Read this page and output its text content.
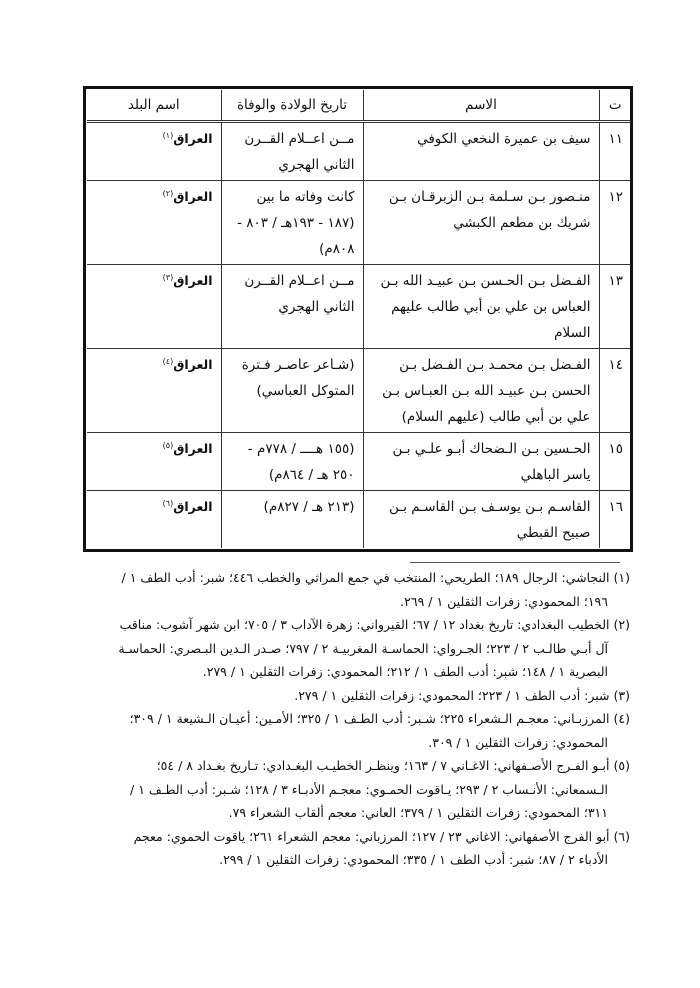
ت	الاسم	تاريخ الولادة والوفاة	اسم البلد
١١	سيف بن عميرة النخعي الكوفي	مــن اعــلام القــرن الثاني الهجري	العراق$^{(١)}$
١٢	منـصور بـن سـلمة بـن الزبرقـان بـن شريك بن مطعم الكبشي	كانت وفاته ما بين (١٨٧ - ١٩٣هـ / ٨٠٣ - ٨٠٨م)	العراق$^{(٢)}$
١٣	الفـضل بـن الحـسن بـن عبيـد الله بـن العباس بن علي بن أبي طالب عليهم السلام	مــن اعــلام القــرن الثاني الهجري	العراق$^{(٣)}$
١٤	الفـضل بـن محمـد بـن الفـضل بـن الحسن بـن عبيـد الله بـن العبـاس بـن علي بن أبي طالب (عليهم السلام)	(شـاعر عاصـر فـترة المتوكل العباسي)	العراق$^{(٤)}$
١٥	الحـسين بـن الـضحاك أبـو علـي بـن ياسر الباهلي	(١٥٥ هــــ / ٧٧٨م - ٢٥٠ هـ / ٨٦٤م)	العراق$^{(٥)}$
١٦	القاسـم بـن يوسـف بـن القاسـم بـن صبيح القبطي	(٢١٣ هـ / ٨٢٧م)	العراق$^{(٦)}$

(١) النجاشي: الرجال ١٨٩؛ الطريحي: المنتخب في جمع المراثي والخطب ٤٤٦؛ شبر: أدب الطف ١ /
١٩٦؛ المحمودي: زفرات الثقلين ١ / ٢٦٩.

(٢) الخطيب البغدادي: تاريخ بغداد ١٢ / ٦٧؛ القيرواني: زهرة الآداب ٣ / ٧٠٥؛ ابن شهر آشوب: مناقب
آل أبـي طالـب ٢ / ٢٢٣؛ الجـرواي: الحماسـة المغربيـة ٢ / ٧٩٧؛ صـدر الـدين البـصري: الحماسـة
البصرية ١ / ١٤٨؛ شبر: أدب الطف ١ / ٢١٢؛ المحمودي: زفرات الثقلين ١ / ٢٧٩.

(٣) شبر: أدب الطف ١ / ٢٢٣؛ المحمودي: زفرات الثقلين ١ / ٢٧٩.

(٤) المرزبـاني: معجـم الـشعراء ٢٢٥؛ شـبر: أدب الطـف ١ / ٣٢٥؛ الأمـين: أعيـان الـشيعة ١ / ٣٠٩؛
المحمودي: زفرات الثقلين ١ / ٣٠٩.

(٥) أبـو الفـرج الأصـفهاني: الاغـاني ٧ / ١٦٣؛ وينظـر الخطيـب البغـدادي: تـاريخ بغـداد ٨ / ٥٤؛
الـسمعاني: الأنـساب ٢ / ٢٩٣؛ يـاقوت الحمـوي: معجـم الأدبـاء ٣ / ١٢٨؛ شـبر: أدب الطـف ١ /
٣١١؛ المحمودي: زفرات الثقلين ١ / ٣٧٩؛ العاني: معجم ألقاب الشعراء ٧٩.

(٦) أبو الفرج الأصفهاني: الاغاني ٢٣ / ١٢٧؛ المرزباني: معجم الشعراء ٢٦١؛ ياقوت الحموي: معجم
الأدباء ٢ / ٨٧؛ شبر: أدب الطف ١ / ٣٣٥؛ المحمودي: زفرات الثقلين ١ / ٢٩٩.
